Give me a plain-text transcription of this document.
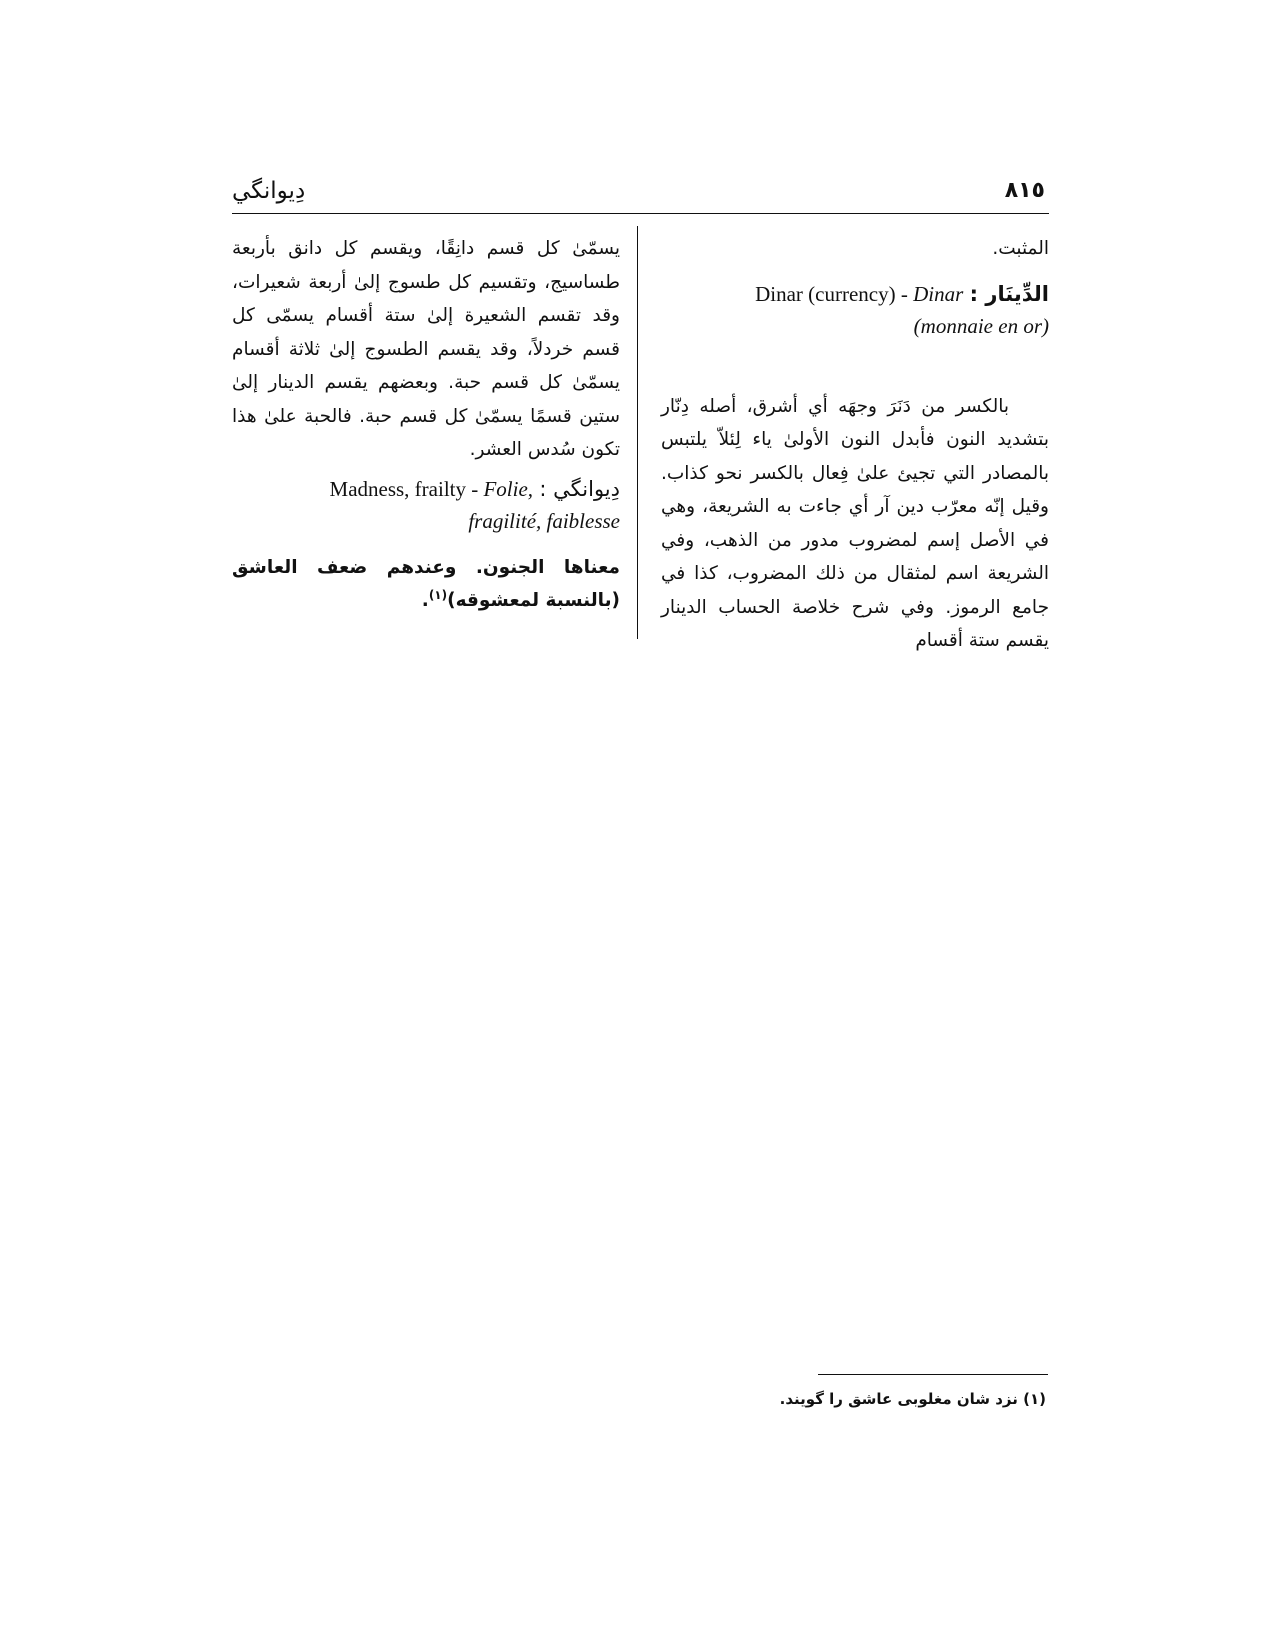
٨١٥
دِيوانگي
المثبت.
الدِّينَار : Dinar (currency) - Dinar
(monnaie en or)
بالكسر من دَنَرَ وجهَه أي أشرق، أصله دِنّار بتشديد النون فأبدل النون الأولىٰ ياء لِئلاّ يلتبس بالمصادر التي تجيئ علىٰ فِعال بالكسر نحو كذاب. وقيل إنّه معرّب دين آر أي جاءت به الشريعة، وهي في الأصل إسم لمضروب مدور من الذهب، وفي الشريعة اسم لمثقال من ذلك المضروب، كذا في جامع الرموز. وفي شرح خلاصة الحساب الدينار يقسم ستة أقسام
يسمّىٰ كل قسم دانِقًا، ويقسم كل دانق بأربعة طساسيج، وتقسيم كل طسوج إلىٰ أربعة شعيرات، وقد تقسم الشعيرة إلىٰ ستة أقسام يسمّى كل قسم خردلاً، وقد يقسم الطسوج إلىٰ ثلاثة أقسام يسمّىٰ كل قسم حبة. وبعضهم يقسم الدينار إلىٰ ستين قسمًا يسمّىٰ كل قسم حبة. فالحبة علىٰ هذا تكون سُدس العشر.
دِيوانگي : Madness, frailty - Folie,
fragilité, faiblesse
معناها الجنون. وعندهم ضعف العاشق (بالنسبة لمعشوقه)$^{(١)}$.
(١) نزد شان مغلوبى عاشق را گويند.
